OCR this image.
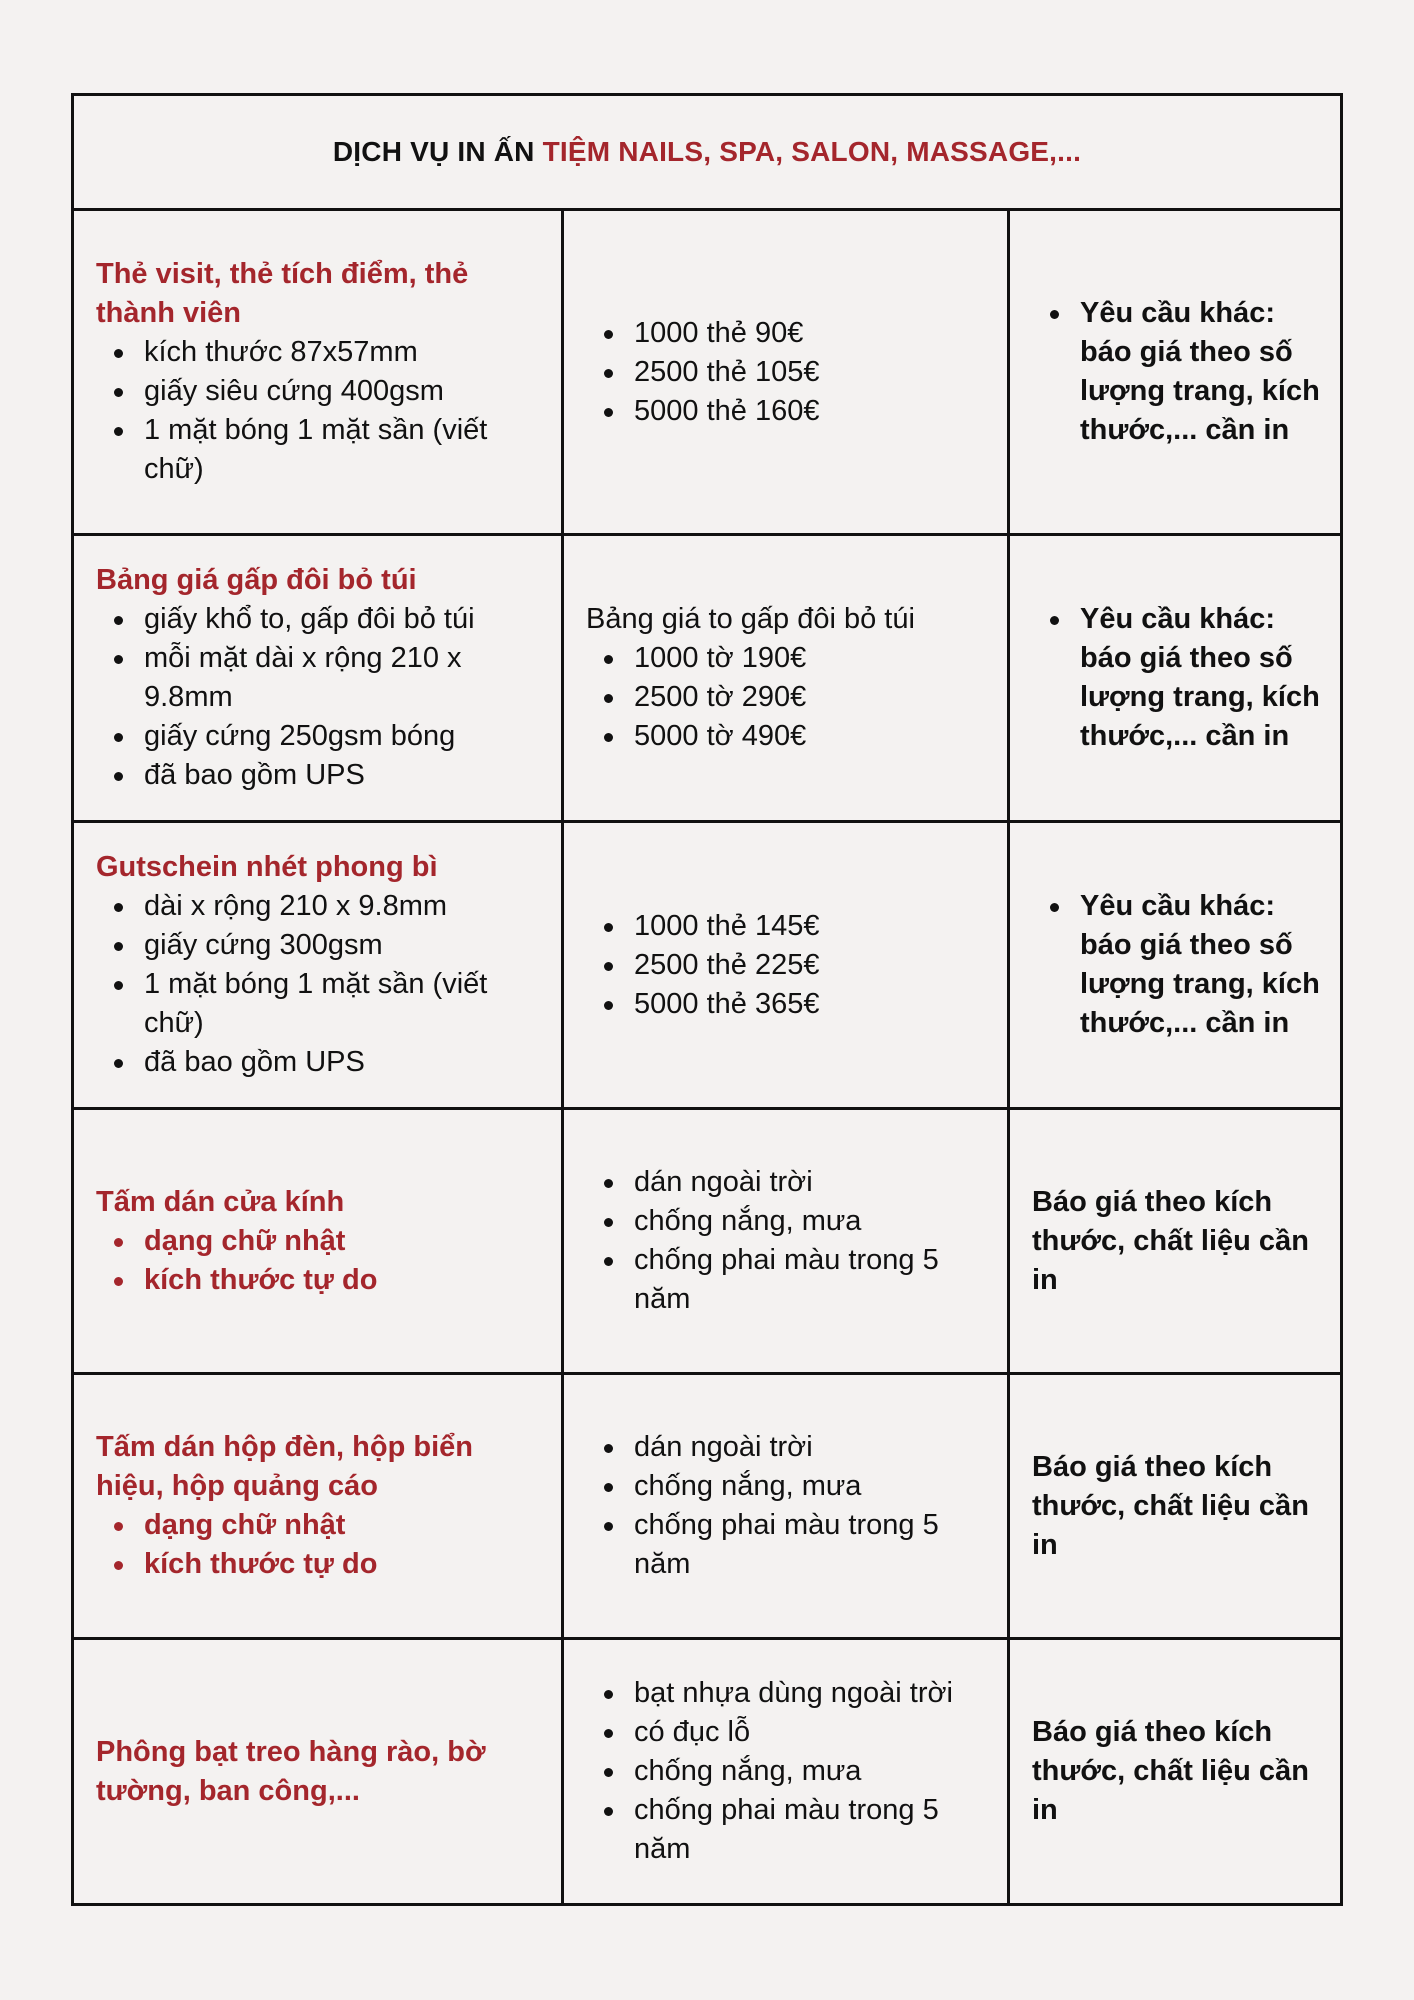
DỊCH VỤ IN ẤN TIỆM NAILS, SPA, SALON, MASSAGE,...
Thẻ visit, thẻ tích điểm, thẻ thành viên
kích thước 87x57mm
giấy siêu cứng 400gsm
1 mặt bóng 1 mặt sần (viết chữ)
1000 thẻ 90€
2500 thẻ 105€
5000 thẻ 160€
Yêu cầu khác: báo giá theo số lượng trang, kích thước,... cần in
Bảng giá gấp đôi bỏ túi
giấy khổ to, gấp đôi bỏ túi
mỗi mặt dài x rộng 210 x 9.8mm
giấy cứng 250gsm bóng
đã bao gồm UPS
Bảng giá to gấp đôi bỏ túi
1000 tờ 190€
2500 tờ 290€
5000 tờ 490€
Yêu cầu khác: báo giá theo số lượng trang, kích thước,... cần in
Gutschein nhét phong bì
dài x rộng 210 x 9.8mm
giấy cứng 300gsm
1 mặt bóng 1 mặt sần (viết chữ)
đã bao gồm UPS
1000 thẻ 145€
2500 thẻ 225€
5000 thẻ 365€
Yêu cầu khác: báo giá theo số lượng trang, kích thước,... cần in
Tấm dán cửa kính
dạng chữ nhật
kích thước tự do
dán ngoài trời
chống nắng, mưa
chống phai màu trong 5 năm
Báo giá theo kích thước, chất liệu cần in
Tấm dán hộp đèn, hộp biển hiệu, hộp quảng cáo
dạng chữ nhật
kích thước tự do
dán ngoài trời
chống nắng, mưa
chống phai màu trong 5 năm
Báo giá theo kích thước, chất liệu cần in
Phông bạt treo hàng rào, bờ tường, ban công,...
bạt nhựa dùng ngoài trời
có đục lỗ
chống nắng, mưa
chống phai màu trong 5 năm
Báo giá theo kích thước, chất liệu cần in
